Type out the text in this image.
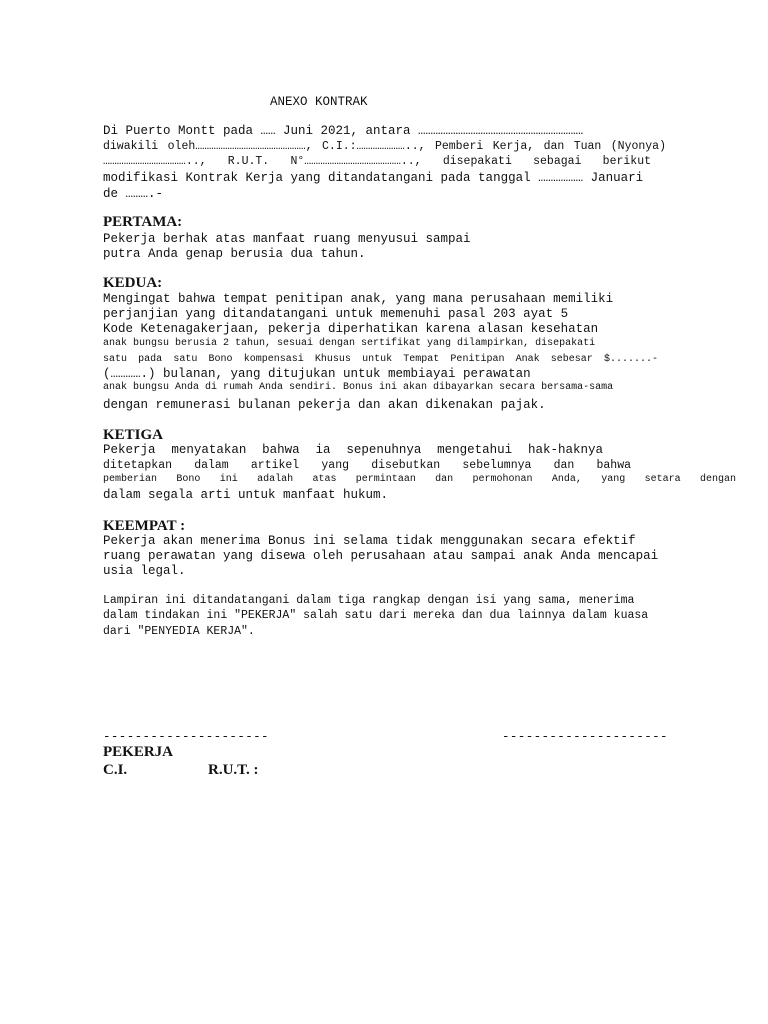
ANEXO KONTRAK
Di Puerto Montt pada …… Juni 2021, antara …………………………………………………………
diwakili oleh…………………………………………, C.I.:………………….., Pemberi Kerja, dan Tuan (Nyonya)
……………………………….., R.U.T. N°…………………………………….., disepakati sebagai berikut
modifikasi Kontrak Kerja yang ditandatangani pada tanggal ……………… Januari
de ……….-
PERTAMA:
Pekerja berhak atas manfaat ruang menyusui sampai
putra Anda genap berusia dua tahun.
KEDUA:
Mengingat bahwa tempat penitipan anak, yang mana perusahaan memiliki
perjanjian yang ditandatangani untuk memenuhi pasal 203 ayat 5
Kode Ketenagakerjaan, pekerja diperhatikan karena alasan kesehatan
anak bungsu berusia 2 tahun, sesuai dengan sertifikat yang dilampirkan, disepakati
satu pada satu Bono kompensasi Khusus untuk Tempat Penitipan Anak sebesar $.......-
(………….) bulanan, yang ditujukan untuk membiayai perawatan
anak bungsu Anda di rumah Anda sendiri. Bonus ini akan dibayarkan secara bersama-sama
dengan remunerasi bulanan pekerja dan akan dikenakan pajak.
KETIGA
Pekerja menyatakan bahwa ia sepenuhnya mengetahui hak-haknya
ditetapkan dalam artikel yang disebutkan sebelumnya dan bahwa
pemberian Bono ini adalah atas permintaan dan permohonan Anda, yang setara dengan
dalam segala arti untuk manfaat hukum.
KEEMPAT :
Pekerja akan menerima Bonus ini selama tidak menggunakan secara efektif
ruang perawatan yang disewa oleh perusahaan atau sampai anak Anda mencapai
usia legal.
Lampiran ini ditandatangani dalam tiga rangkap dengan isi yang sama, menerima
dalam tindakan ini "PEKERJA" salah satu dari mereka dan dua lainnya dalam kuasa
dari "PENYEDIA KERJA".
---------------------	---------------------
PEKERJA
C.I.	R.U.T. :
